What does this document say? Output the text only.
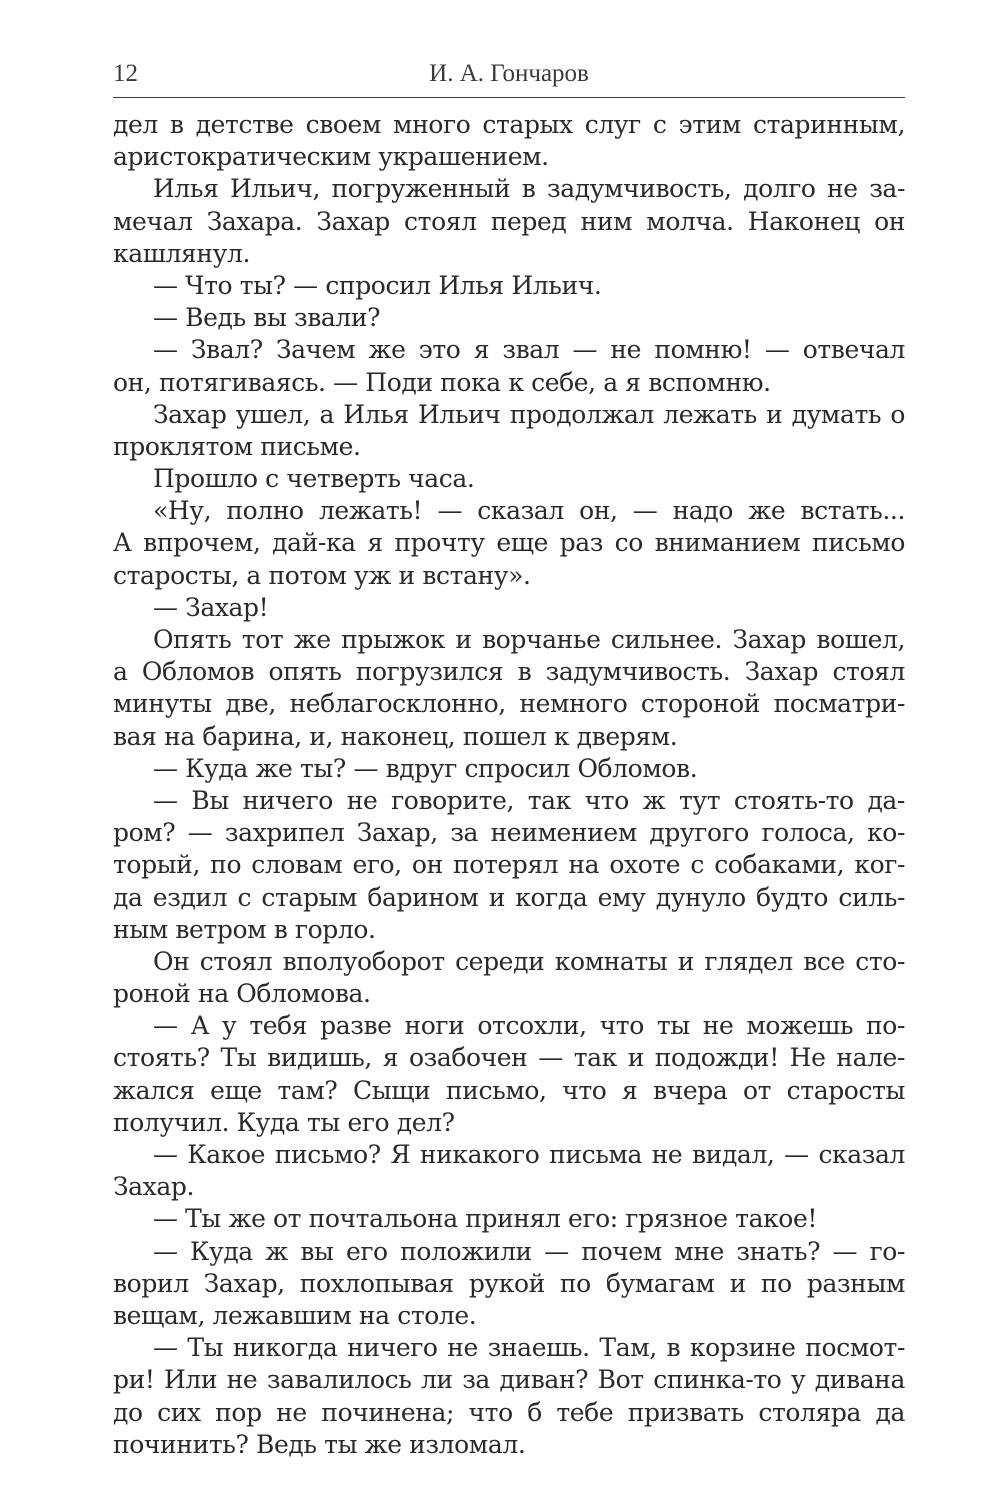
12	И. А. Гончаров
дел в детстве своем много старых слуг с этим старинным,
аристократическим украшением.
Илья Ильич, погруженный в задумчивость, долго не за-
мечал Захара. Захар стоял перед ним молча. Наконец он
кашлянул.
— Что ты? — спросил Илья Ильич.
— Ведь вы звали?
— Звал? Зачем же это я звал — не помню! — отвечал
он, потягиваясь. — Поди пока к себе, а я вспомню.
Захар ушел, а Илья Ильич продолжал лежать и думать о
проклятом письме.
Прошло с четверть часа.
«Ну, полно лежать! — сказал он, — надо же встать...
А впрочем, дай-ка я прочту еще раз со вниманием письмо
старосты, а потом уж и встану».
— Захар!
Опять тот же прыжок и ворчанье сильнее. Захар вошел,
а Обломов опять погрузился в задумчивость. Захар стоял
минуты две, неблагосклонно, немного стороной посматри-
вая на барина, и, наконец, пошел к дверям.
— Куда же ты? — вдруг спросил Обломов.
— Вы ничего не говорите, так что ж тут стоять-то да-
ром? — захрипел Захар, за неимением другого голоса, ко-
торый, по словам его, он потерял на охоте с собаками, ког-
да ездил с старым барином и когда ему дунуло будто силь-
ным ветром в горло.
Он стоял вполуоборот середи комнаты и глядел все сто-
роной на Обломова.
— А у тебя разве ноги отсохли, что ты не можешь по-
стоять? Ты видишь, я озабочен — так и подожди! Не нале-
жался еще там? Сыщи письмо, что я вчера от старосты
получил. Куда ты его дел?
— Какое письмо? Я никакого письма не видал, — сказал
Захар.
— Ты же от почтальона принял его: грязное такое!
— Куда ж вы его положили — почем мне знать? — го-
ворил Захар, похлопывая рукой по бумагам и по разным
вещам, лежавшим на столе.
— Ты никогда ничего не знаешь. Там, в корзине посмот-
ри! Или не завалилось ли за диван? Вот спинка-то у дивана
до сих пор не починена; что б тебе призвать столяра да
починить? Ведь ты же изломал.
